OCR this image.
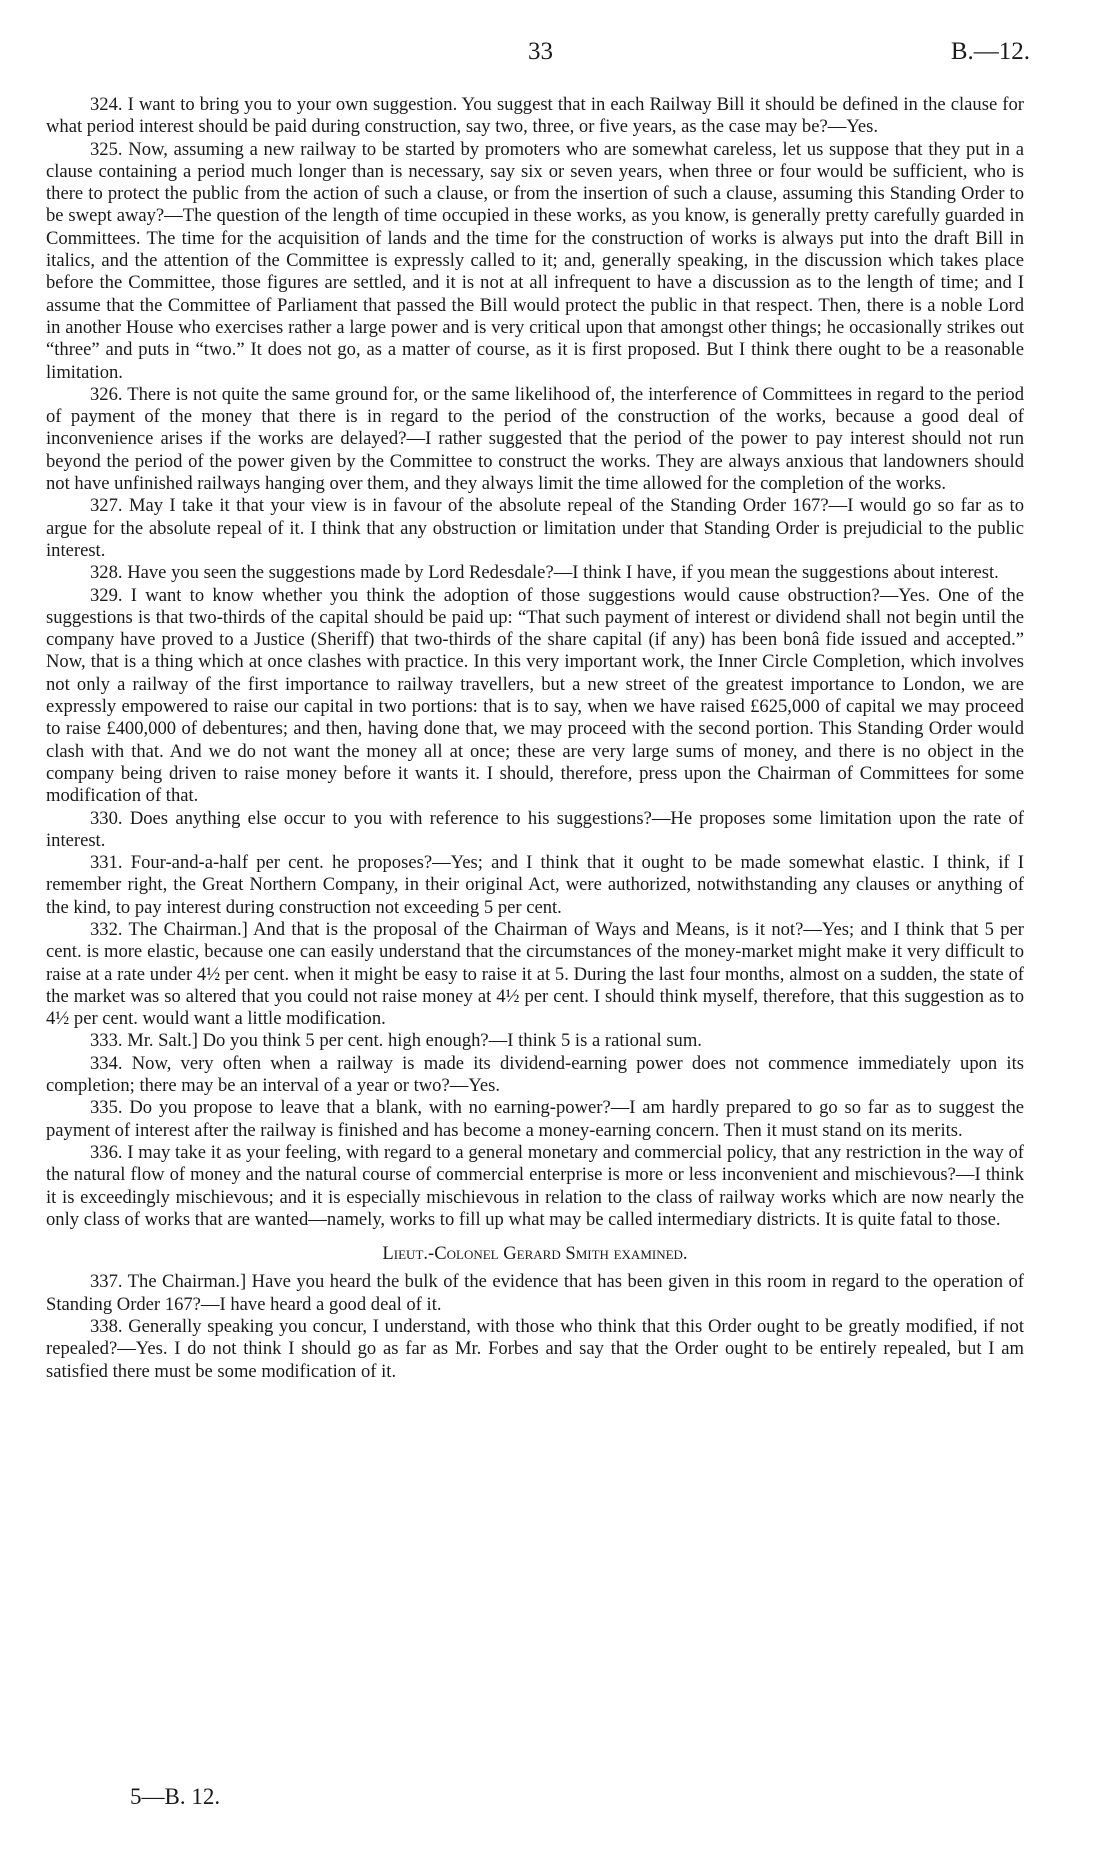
33	B.—12.

324. I want to bring you to your own suggestion. You suggest that in each Railway Bill it should be defined in the clause for what period interest should be paid during construction, say two, three, or five years, as the case may be?—Yes.

325. Now, assuming a new railway to be started by promoters who are somewhat careless, let us suppose that they put in a clause containing a period much longer than is necessary, say six or seven years, when three or four would be sufficient, who is there to protect the public from the action of such a clause, or from the insertion of such a clause, assuming this Standing Order to be swept away?—The question of the length of time occupied in these works, as you know, is generally pretty carefully guarded in Committees. The time for the acquisition of lands and the time for the construction of works is always put into the draft Bill in italics, and the attention of the Committee is expressly called to it; and, generally speaking, in the discussion which takes place before the Committee, those figures are settled, and it is not at all infrequent to have a discussion as to the length of time; and I assume that the Committee of Parliament that passed the Bill would protect the public in that respect. Then, there is a noble Lord in another House who exercises rather a large power and is very critical upon that amongst other things; he occasionally strikes out “three” and puts in “two.” It does not go, as a matter of course, as it is first proposed. But I think there ought to be a reasonable limitation.

326. There is not quite the same ground for, or the same likelihood of, the interference of Committees in regard to the period of payment of the money that there is in regard to the period of the construction of the works, because a good deal of inconvenience arises if the works are delayed?—I rather suggested that the period of the power to pay interest should not run beyond the period of the power given by the Committee to construct the works. They are always anxious that landowners should not have unfinished railways hanging over them, and they always limit the time allowed for the completion of the works.

327. May I take it that your view is in favour of the absolute repeal of the Standing Order 167?—I would go so far as to argue for the absolute repeal of it. I think that any obstruction or limitation under that Standing Order is prejudicial to the public interest.

328. Have you seen the suggestions made by Lord Redesdale?—I think I have, if you mean the suggestions about interest.

329. I want to know whether you think the adoption of those suggestions would cause obstruction?—Yes. One of the suggestions is that two-thirds of the capital should be paid up: “That such payment of interest or dividend shall not begin until the company have proved to a Justice (Sheriff) that two-thirds of the share capital (if any) has been bonâ fide issued and accepted.” Now, that is a thing which at once clashes with practice. In this very important work, the Inner Circle Completion, which involves not only a railway of the first importance to railway travellers, but a new street of the greatest importance to London, we are expressly empowered to raise our capital in two portions: that is to say, when we have raised £625,000 of capital we may proceed to raise £400,000 of debentures; and then, having done that, we may proceed with the second portion. This Standing Order would clash with that. And we do not want the money all at once; these are very large sums of money, and there is no object in the company being driven to raise money before it wants it. I should, therefore, press upon the Chairman of Committees for some modification of that.

330. Does anything else occur to you with reference to his suggestions?—He proposes some limitation upon the rate of interest.

331. Four-and-a-half per cent. he proposes?—Yes; and I think that it ought to be made somewhat elastic. I think, if I remember right, the Great Northern Company, in their original Act, were authorized, notwithstanding any clauses or anything of the kind, to pay interest during construction not exceeding 5 per cent.

332. The Chairman.] And that is the proposal of the Chairman of Ways and Means, is it not?—Yes; and I think that 5 per cent. is more elastic, because one can easily understand that the circumstances of the money-market might make it very difficult to raise at a rate under 4½ per cent. when it might be easy to raise it at 5. During the last four months, almost on a sudden, the state of the market was so altered that you could not raise money at 4½ per cent. I should think myself, therefore, that this suggestion as to 4½ per cent. would want a little modification.

333. Mr. Salt.] Do you think 5 per cent. high enough?—I think 5 is a rational sum.

334. Now, very often when a railway is made its dividend-earning power does not commence immediately upon its completion; there may be an interval of a year or two?—Yes.

335. Do you propose to leave that a blank, with no earning-power?—I am hardly prepared to go so far as to suggest the payment of interest after the railway is finished and has become a money-earning concern. Then it must stand on its merits.

336. I may take it as your feeling, with regard to a general monetary and commercial policy, that any restriction in the way of the natural flow of money and the natural course of commercial enterprise is more or less inconvenient and mischievous?—I think it is exceedingly mischievous; and it is especially mischievous in relation to the class of railway works which are now nearly the only class of works that are wanted—namely, works to fill up what may be called intermediary districts. It is quite fatal to those.

Lieut.-Colonel Gerard Smith examined.

337. The Chairman.] Have you heard the bulk of the evidence that has been given in this room in regard to the operation of Standing Order 167?—I have heard a good deal of it.

338. Generally speaking you concur, I understand, with those who think that this Order ought to be greatly modified, if not repealed?—Yes. I do not think I should go as far as Mr. Forbes and say that the Order ought to be entirely repealed, but I am satisfied there must be some modification of it.

5—B. 12.
